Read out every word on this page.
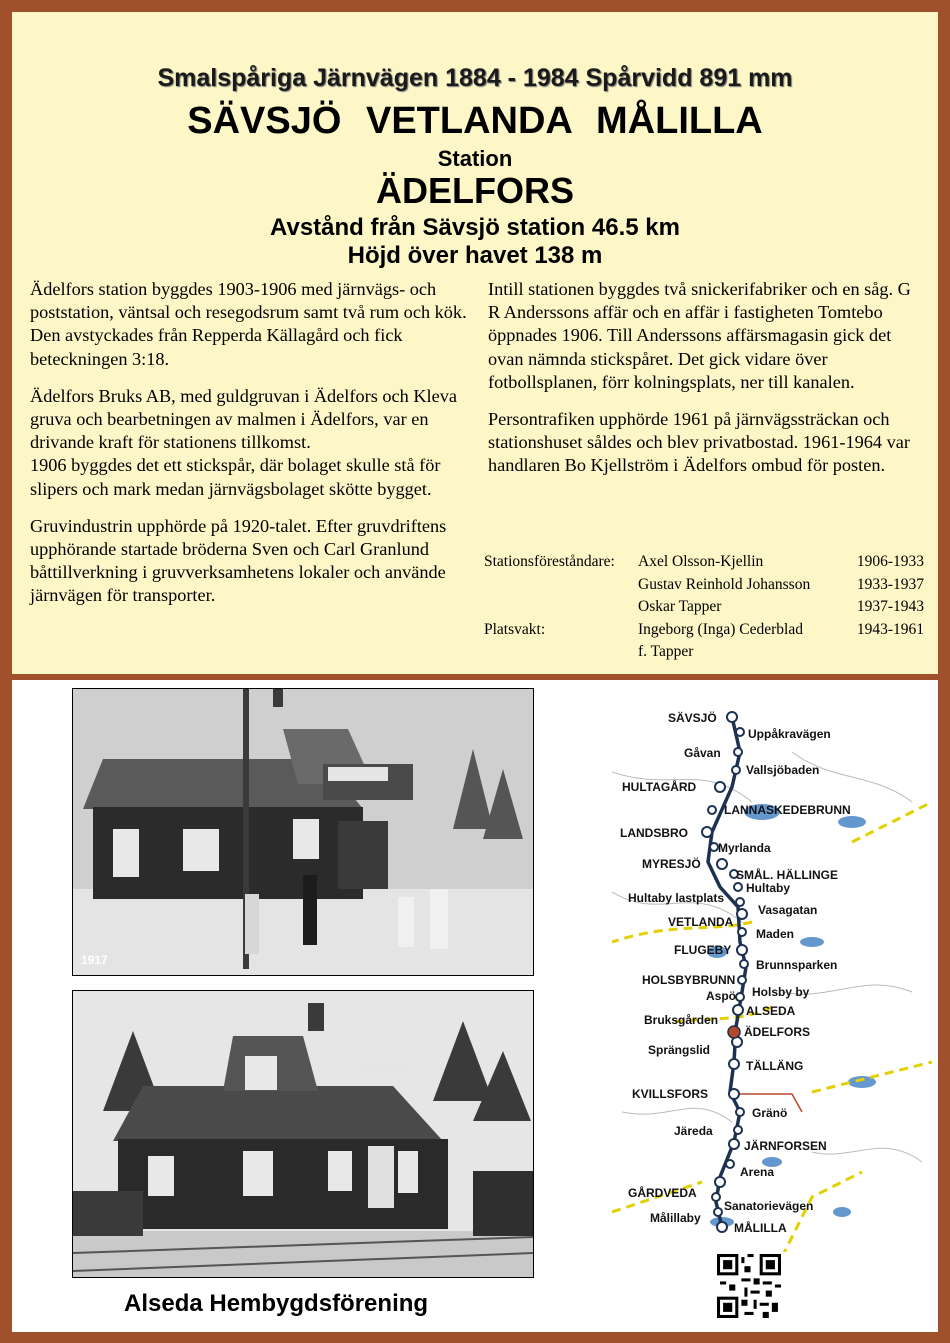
Smalspåriga Järnvägen 1884 - 1984 Spårvidd 891 mm
SÄVSJÖ VETLANDA MÅLILLA
Station
ÄDELFORS
Avstånd från Sävsjö station 46.5 km
Höjd över havet 138 m

Ädelfors station byggdes 1903-1906 med järnvägs- och poststation, väntsal och resegodsrum samt två rum och kök. Den avstyckades från Repperda Källagård och fick beteckningen 3:18.

Ädelfors Bruks AB, med guldgruvan i Ädelfors och Kleva gruva och bearbetningen av malmen i Ädelfors, var en drivande kraft för stationens tillkomst.

1906 byggdes det ett stickspår, där bolaget skulle stå för slipers och mark medan järnvägsbolaget skötte bygget.

Gruvindustrin upphörde på 1920-talet. Efter gruvdriftens upphörande startade bröderna Sven och Carl Granlund båttillverkning i gruvverksamhetens lokaler och använde järnvägen för transporter.

Intill stationen byggdes två snickerifabriker och en såg. G R Anderssons affär och en affär i fastigheten Tomtebo öppnades 1906. Till Anderssons affärsmagasin gick det ovan nämnda stickspåret. Det gick vidare över fotbollsplanen, förr kolningsplats, ner till kanalen.

Persontrafiken upphörde 1961 på järnvägssträckan och stationshuset såldes och blev privatbostad. 1961-1964 var handlaren Bo Kjellström i Ädelfors ombud för posten.

Stationsföreståndare:	Axel Olsson-Kjellin	1906-1933
Gustav Reinhold Johansson	1933-1937
Oskar Tapper	1937-1943
Platsvakt:	Ingeborg (Inga) Cederblad	1943-1961
f. Tapper
1917
Alseda Hembygdsförening
SÄVSJÖ
Uppåkravägen
Gåvan
Vallsjöbaden
HULTAGÅRD
LANNASKEDEBRUNN
LANDSBRO
Myrlanda
MYRESJÖ
SMÅL. HÄLLINGE
Hultaby
Hultaby lastplats
Vasagatan
VETLANDA
Maden
FLUGEBY
Brunnsparken
HOLSBYBRUNN
Holsby by
Aspö
ALSEDA
Bruksgården
ÄDELFORS
Sprängslid
TÄLLÄNG
KVILLSFORS
Gränö
Järeda
JÄRNFORSEN
Arena
GÅRDVEDA
Sanatorievägen
Målillaby
MÅLILLA
